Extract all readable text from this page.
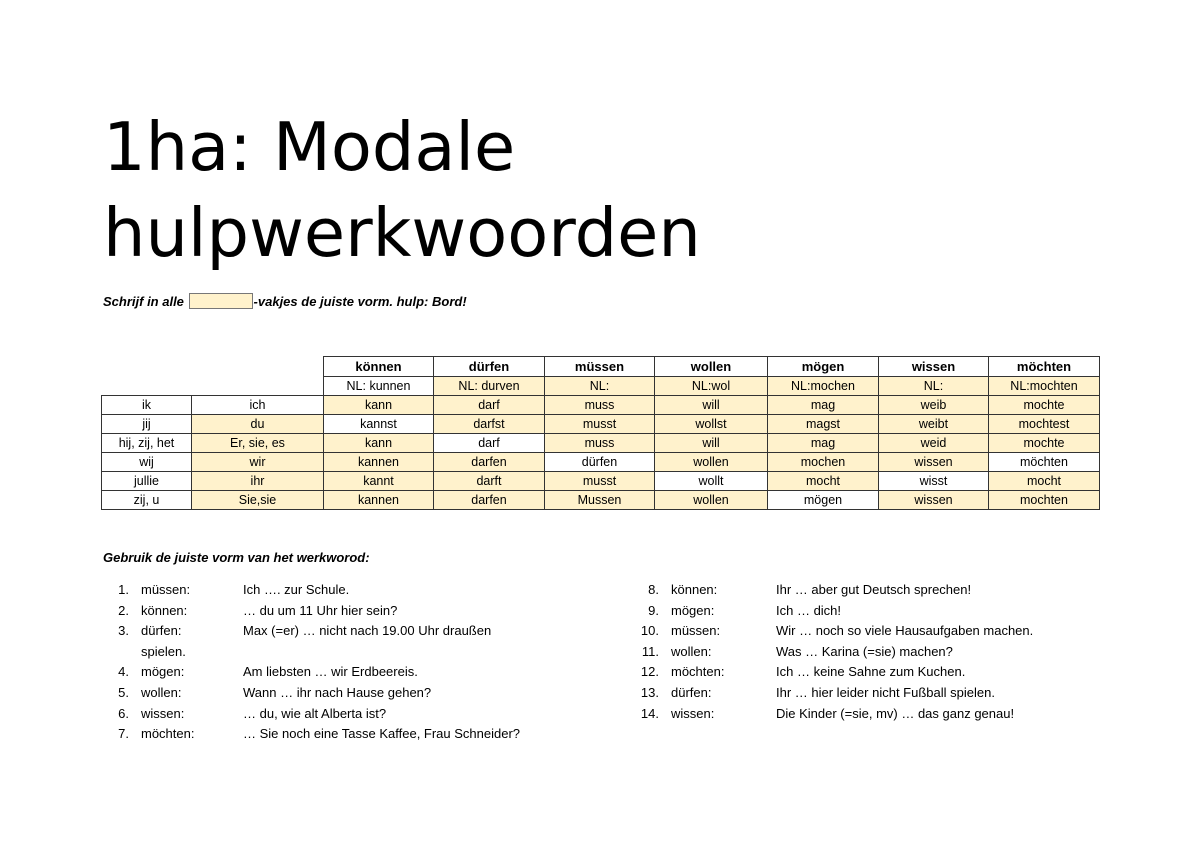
1ha: Modale
hulpwerkwoorden
Schrijf in alle	-vakjes de juiste vorm. hulp: Bord!
		können	dürfen	müssen	wollen	mögen	wissen	möchten
		NL: kunnen	NL: durven	NL:	NL:wol	NL:mochen	NL:	NL:mochten
ik	ich	kann	darf	muss	will	mag	weib	mochte
jij	du	kannst	darfst	musst	wollst	magst	weibt	mochtest
hij, zij, het	Er, sie, es	kann	darf	muss	will	mag	weid	mochte
wij	wir	kannen	darfen	dürfen	wollen	mochen	wissen	möchten
jullie	ihr	kannt	darft	musst	wollt	mocht	wisst	mocht
zij, u	Sie,sie	kannen	darfen	Mussen	wollen	mögen	wissen	mochten
Gebruik de juiste vorm van het werkworod:
1. müssen:	Ich …. zur Schule.
2. können:	… du um 11 Uhr hier sein?
3. dürfen:	Max (=er) … nicht nach 19.00 Uhr draußen
spielen.
4. mögen:	Am liebsten … wir Erdbeereis.
5. wollen:	Wann … ihr nach Hause gehen?
6. wissen:	… du, wie alt Alberta ist?
7. möchten:	… Sie noch eine Tasse Kaffee, Frau Schneider?
8. können:	Ihr … aber gut Deutsch sprechen!
9. mögen:	Ich … dich!
10. müssen:	Wir … noch so viele Hausaufgaben machen.
11. wollen:	Was … Karina (=sie) machen?
12. möchten:	Ich … keine Sahne zum Kuchen.
13. dürfen:	Ihr … hier leider nicht Fußball spielen.
14. wissen:	Die Kinder (=sie, mv) … das ganz genau!
